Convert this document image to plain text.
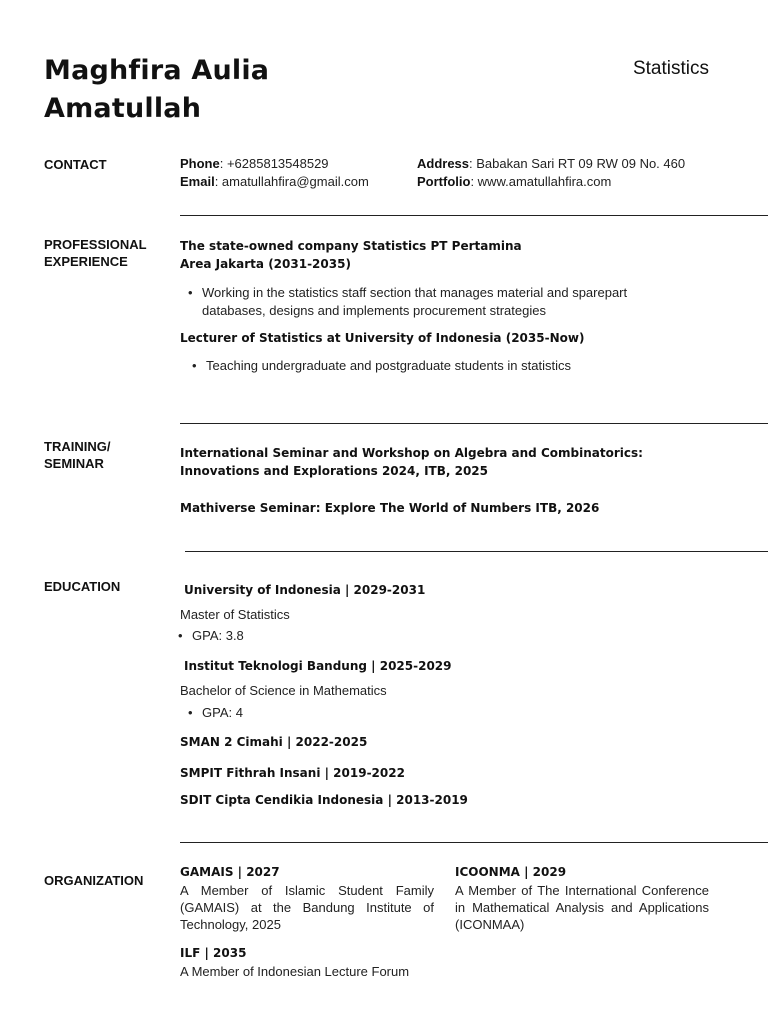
Maghfira Aulia
Amatullah
Statistics
CONTACT	Phone: +6285813548529
Email: amatullahfira@gmail.com
Address: Babakan Sari RT 09 RW 09 No. 460
Portfolio: www.amatullahfira.com
PROFESSIONAL
EXPERIENCE
The state-owned company Statistics PT Pertamina
Area Jakarta (2031-2035)
• Working in the statistics staff section that manages material and sparepart
databases, designs and implements procurement strategies
Lecturer of Statistics at University of Indonesia (2035-Now)
• Teaching undergraduate and postgraduate students in statistics
TRAINING/
SEMINAR
International Seminar and Workshop on Algebra and Combinatorics:
Innovations and Explorations 2024, ITB, 2025
Mathiverse Seminar: Explore The World of Numbers ITB, 2026
EDUCATION	University of Indonesia | 2029-2031
Master of Statistics
• GPA: 3.8
Institut Teknologi Bandung | 2025-2029
Bachelor of Science in Mathematics
• GPA: 4
SMAN 2 Cimahi | 2022-2025
SMPIT Fithrah Insani | 2019-2022
SDIT Cipta Cendikia Indonesia | 2013-2019
ORGANIZATION
GAMAIS | 2027
A Member of Islamic Student Family (GAMAIS) at the Bandung Institute of Technology, 2025
ICOONMA | 2029
A Member of The International Conference in Mathematical Analysis and Applications (ICONMAA)
ILF | 2035
A Member of Indonesian Lecture Forum
